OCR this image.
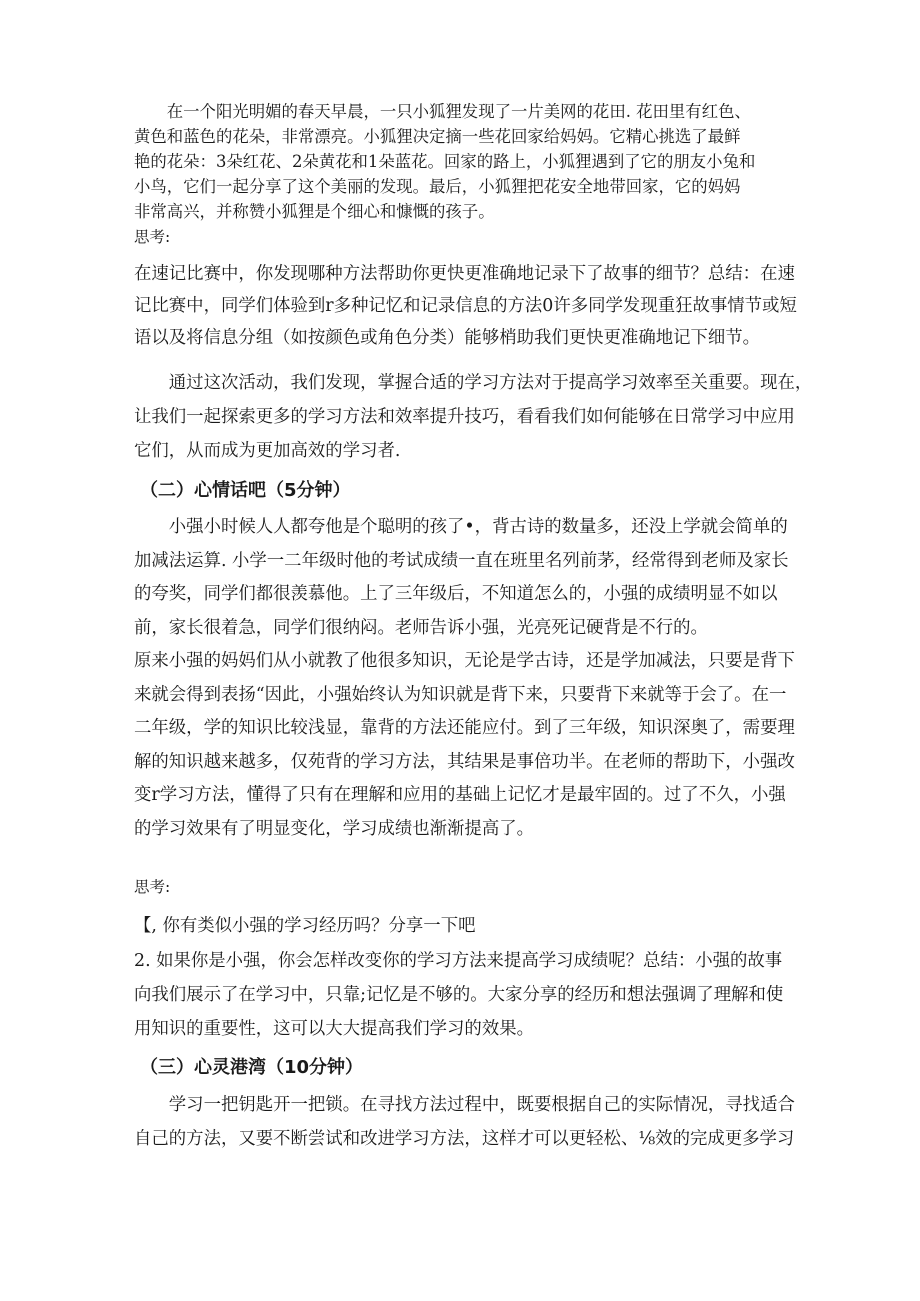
　　在一个阳光明媚的春天早晨，一只小狐狸发现了一片美网的花田. 花田里有红色、
黄色和蓝色的花朵，非常漂亮。小狐狸决定摘一些花回家给妈妈。它精心挑选了最鲜
艳的花朵：3朵红花、2朵黄花和1朵蓝花。回家的路上，小狐狸遇到了它的朋友小兔和
小鸟，它们一起分享了这个美丽的发现。最后，小狐狸把花安全地带回家，它的妈妈
非常高兴，并称赞小狐狸是个细心和慷慨的孩子。
思考:
在速记比赛中，你发现哪种方法帮助你更快更准确地记录下了故事的细节？总结：在速
记比赛中，同学们体验到r多种记忆和记录信息的方法0许多同学发现重狂故事情节或短
语以及将信息分组（如按颜色或角色分类）能够梢助我们更快更准确地记下细节。
　　通过这次活动，我们发现，掌握合适的学习方法对于提高学习效率至关重要。现在，
让我们一起探索更多的学习方法和效率提升技巧，看看我们如何能够在日常学习中应用
它们，从而成为更加高效的学习者.
（二）心情话吧（5分钟）
　　小强小时候人人都夸他是个聪明的孩了•，背古诗的数量多，还没上学就会简单的
加减法运算. 小学一二年级时他的考试成绩一直在班里名列前茅，经常得到老师及家长
的夸奖，同学们都很羡慕他。上了三年级后，不知道怎么的，小强的成绩明显不如以
前，家长很着急，同学们很纳闷。老师告诉小强，光亮死记硬背是不行的。
原来小强的妈妈们从小就教了他很多知识，无论是学古诗，还是学加减法，只要是背下
来就会得到表扬“因此，小强始终认为知识就是背下来，只要背下来就等于会了。在一
二年级，学的知识比较浅显，靠背的方法还能应付。到了三年级，知识深奥了，需要理
解的知识越来越多，仅苑背的学习方法，其结果是事倍功半。在老师的帮助下，小强改
变r学习方法，懂得了只有在理解和应用的基础上记忆才是最牢固的。过了不久，小强
的学习效果有了明显变化，学习成绩也渐渐提高了。
思考:
【, 你有类似小强的学习经历吗？分享一下吧
2. 如果你是小强，你会怎样改变你的学习方法来提高学习成绩呢？总结：小强的故事
向我们展示了在学习中，只靠;记忆是不够的。大家分享的经历和想法强调了理解和使
用知识的重要性，这可以大大提高我们学习的效果。
（三）心灵港湾（10分钟）
　　学习一把钥匙开一把锁。在寻找方法过程中，既要根据自己的实际情况，寻找适合
自己的方法，又要不断尝试和改进学习方法，这样才可以更轻松、⅛效的完成更多学习
